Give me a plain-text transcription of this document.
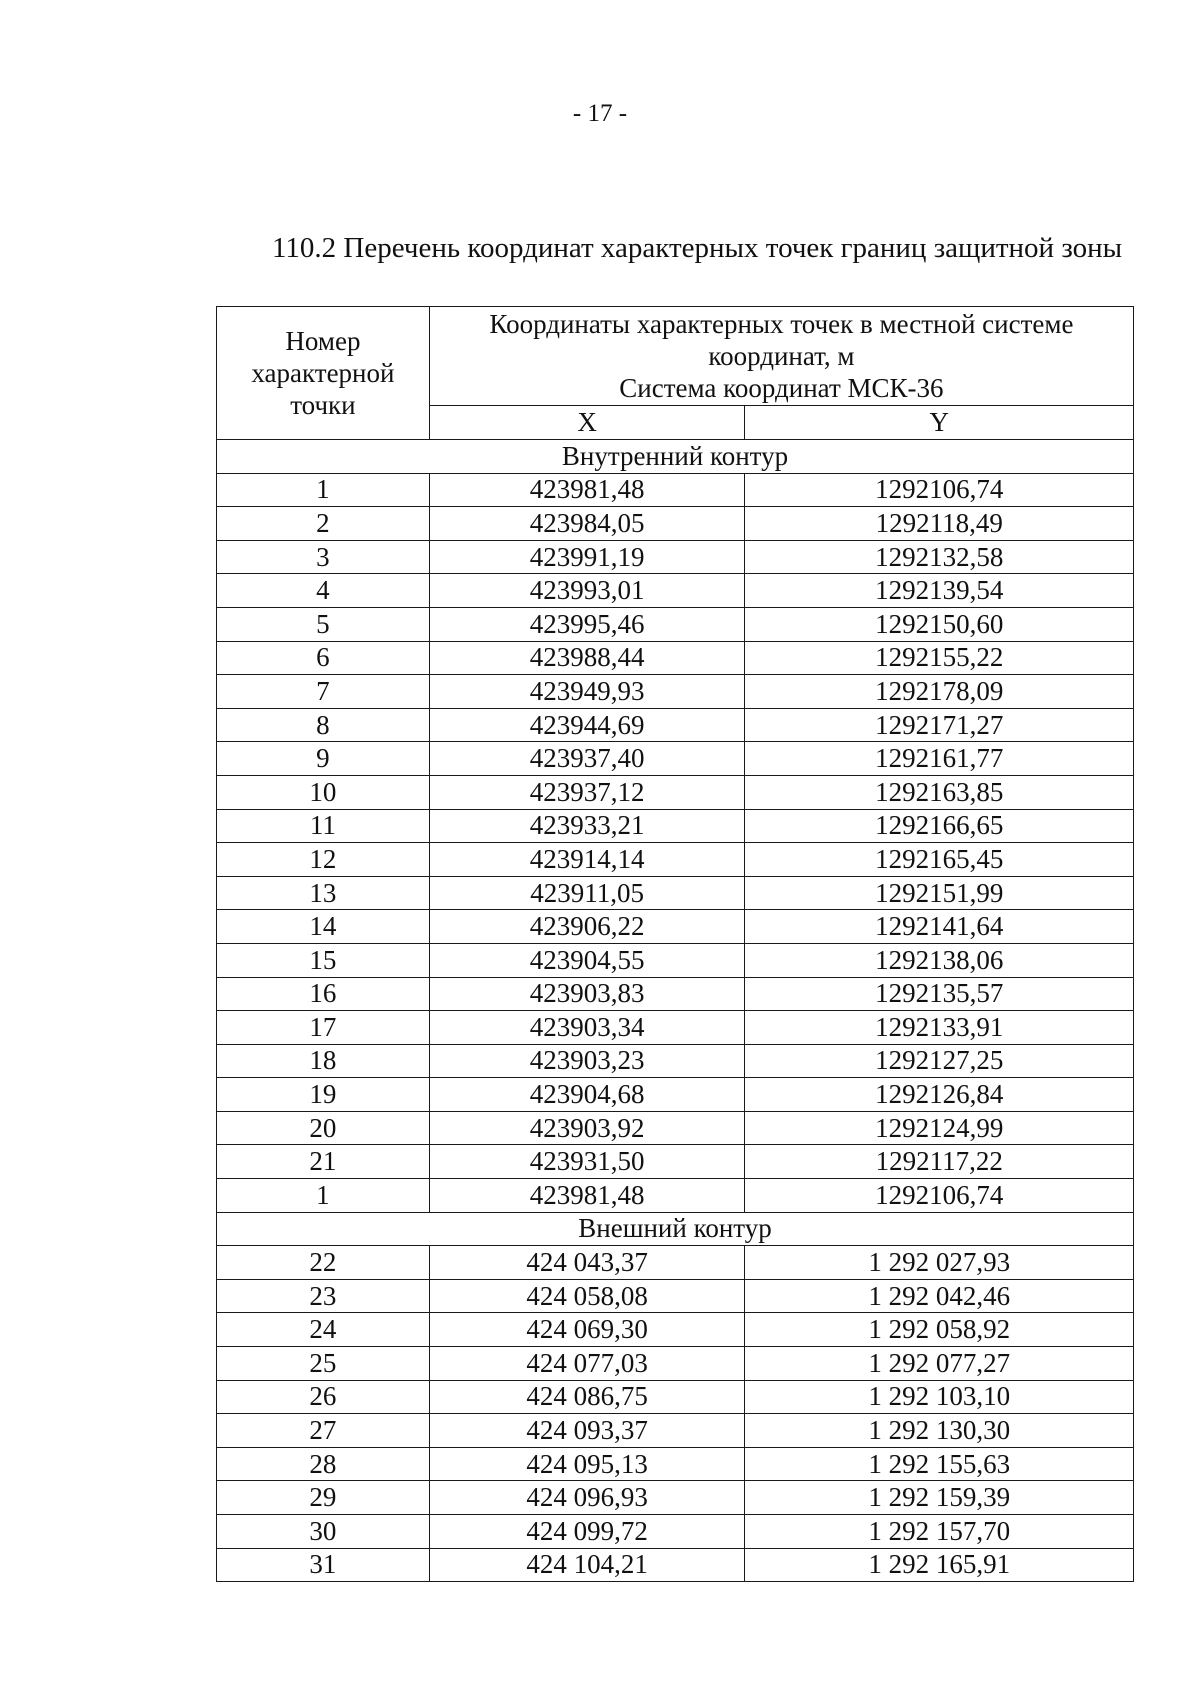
- 17 -
110.2 Перечень координат характерных точек границ защитной зоны
Номер
характерной
точки	Координаты характерных точек в местной системе
координат, м
Система координат МСК-36	

	X	Y
Внутренний контур		
1	423981,48	1292106,74
2	423984,05	1292118,49
3	423991,19	1292132,58
4	423993,01	1292139,54
5	423995,46	1292150,60
6	423988,44	1292155,22
7	423949,93	1292178,09
8	423944,69	1292171,27
9	423937,40	1292161,77
10	423937,12	1292163,85
11	423933,21	1292166,65
12	423914,14	1292165,45
13	423911,05	1292151,99
14	423906,22	1292141,64
15	423904,55	1292138,06
16	423903,83	1292135,57
17	423903,34	1292133,91
18	423903,23	1292127,25
19	423904,68	1292126,84
20	423903,92	1292124,99
21	423931,50	1292117,22
1	423981,48	1292106,74
Внешний контур		
22	424 043,37	1 292 027,93
23	424 058,08	1 292 042,46
24	424 069,30	1 292 058,92
25	424 077,03	1 292 077,27
26	424 086,75	1 292 103,10
27	424 093,37	1 292 130,30
28	424 095,13	1 292 155,63
29	424 096,93	1 292 159,39
30	424 099,72	1 292 157,70
31	424 104,21	1 292 165,91
